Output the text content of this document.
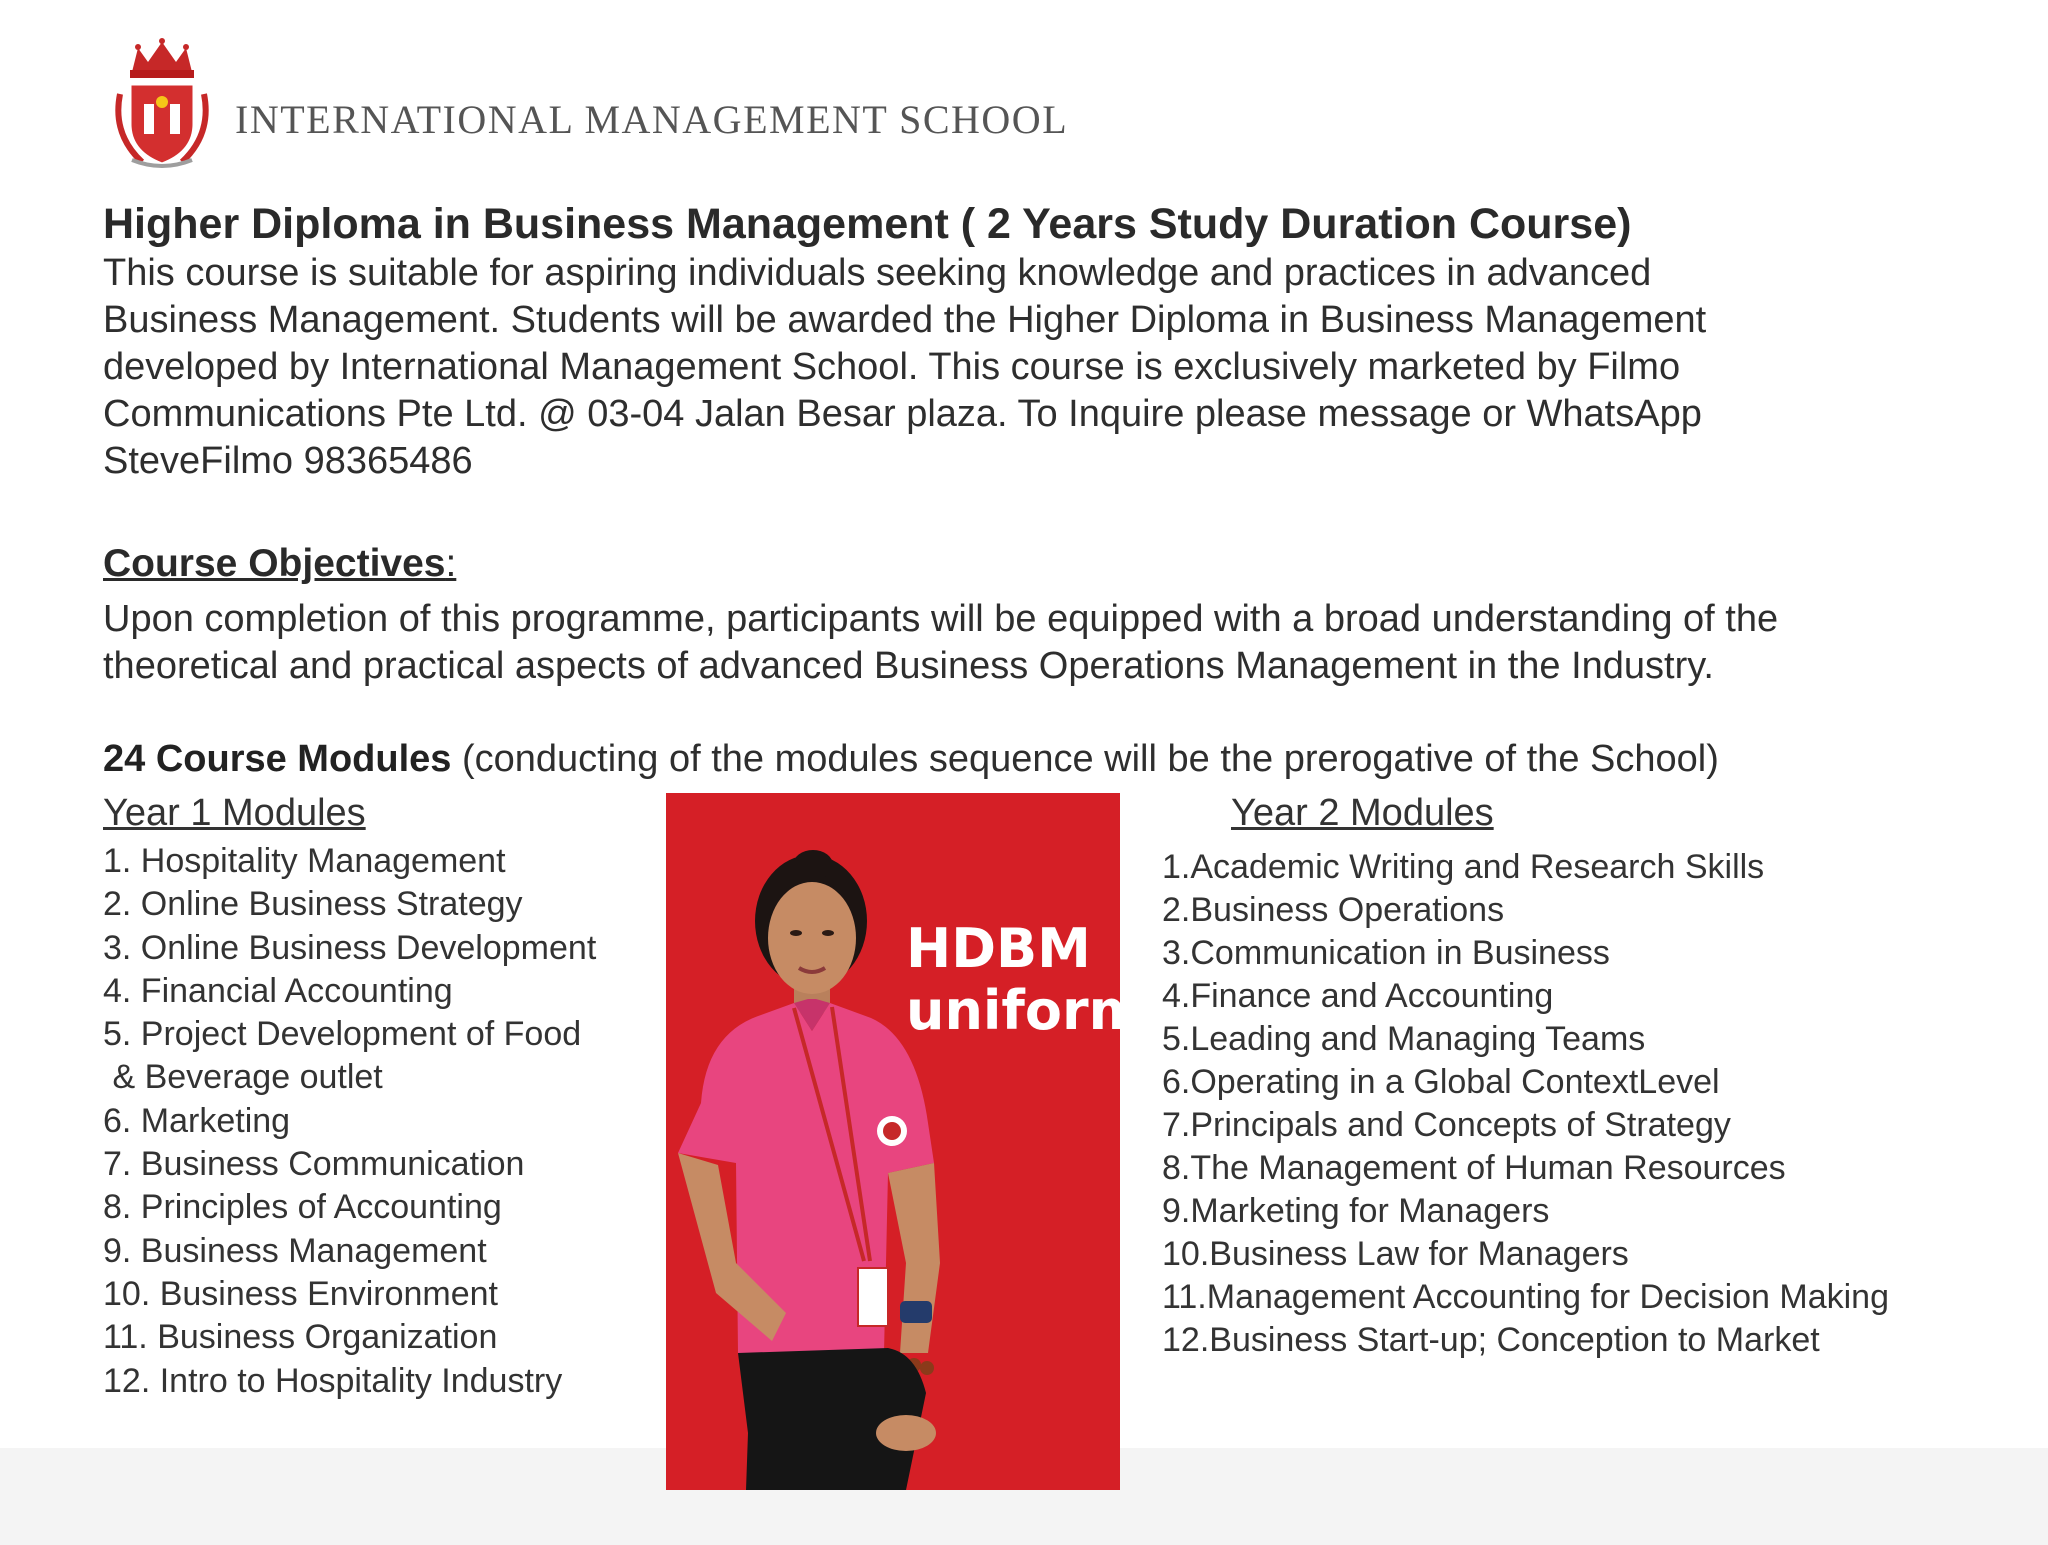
INTERNATIONAL MANAGEMENT SCHOOL
Higher Diploma in Business Management ( 2 Years Study Duration Course)

This course is suitable for aspiring individuals seeking knowledge and practices in advanced
Business Management. Students will be awarded the Higher Diploma in Business Management
developed by International Management School. This course is exclusively marketed by Filmo
Communications Pte Ltd. @ 03-04 Jalan Besar plaza. To Inquire please message or WhatsApp
SteveFilmo 98365486

Course Objectives:

Upon completion of this programme, participants will be equipped with a broad understanding of the
theoretical and practical aspects of advanced Business Operations Management in the Industry.

24 Course Modules (conducting of the modules sequence will be the prerogative of the School)
Year 1 Modules
1. Hospitality Management
2. Online Business Strategy
3. Online Business Development
4. Financial Accounting
5. Project Development of Food
& Beverage outlet
6. Marketing
7. Business Communication
8. Principles of Accounting
9. Business Management
10. Business Environment
11. Business Organization
12. Intro to Hospitality Industry
Year 2 Modules
1.Academic Writing and Research Skills
2.Business Operations
3.Communication in Business
4.Finance and Accounting
5.Leading and Managing Teams
6.Operating in a Global ContextLevel
7.Principals and Concepts of Strategy
8.The Management of Human Resources
9.Marketing for Managers
10.Business Law for Managers
11.Management Accounting for Decision Making
12.Business Start-up; Conception to Market

HDBM
uniform
